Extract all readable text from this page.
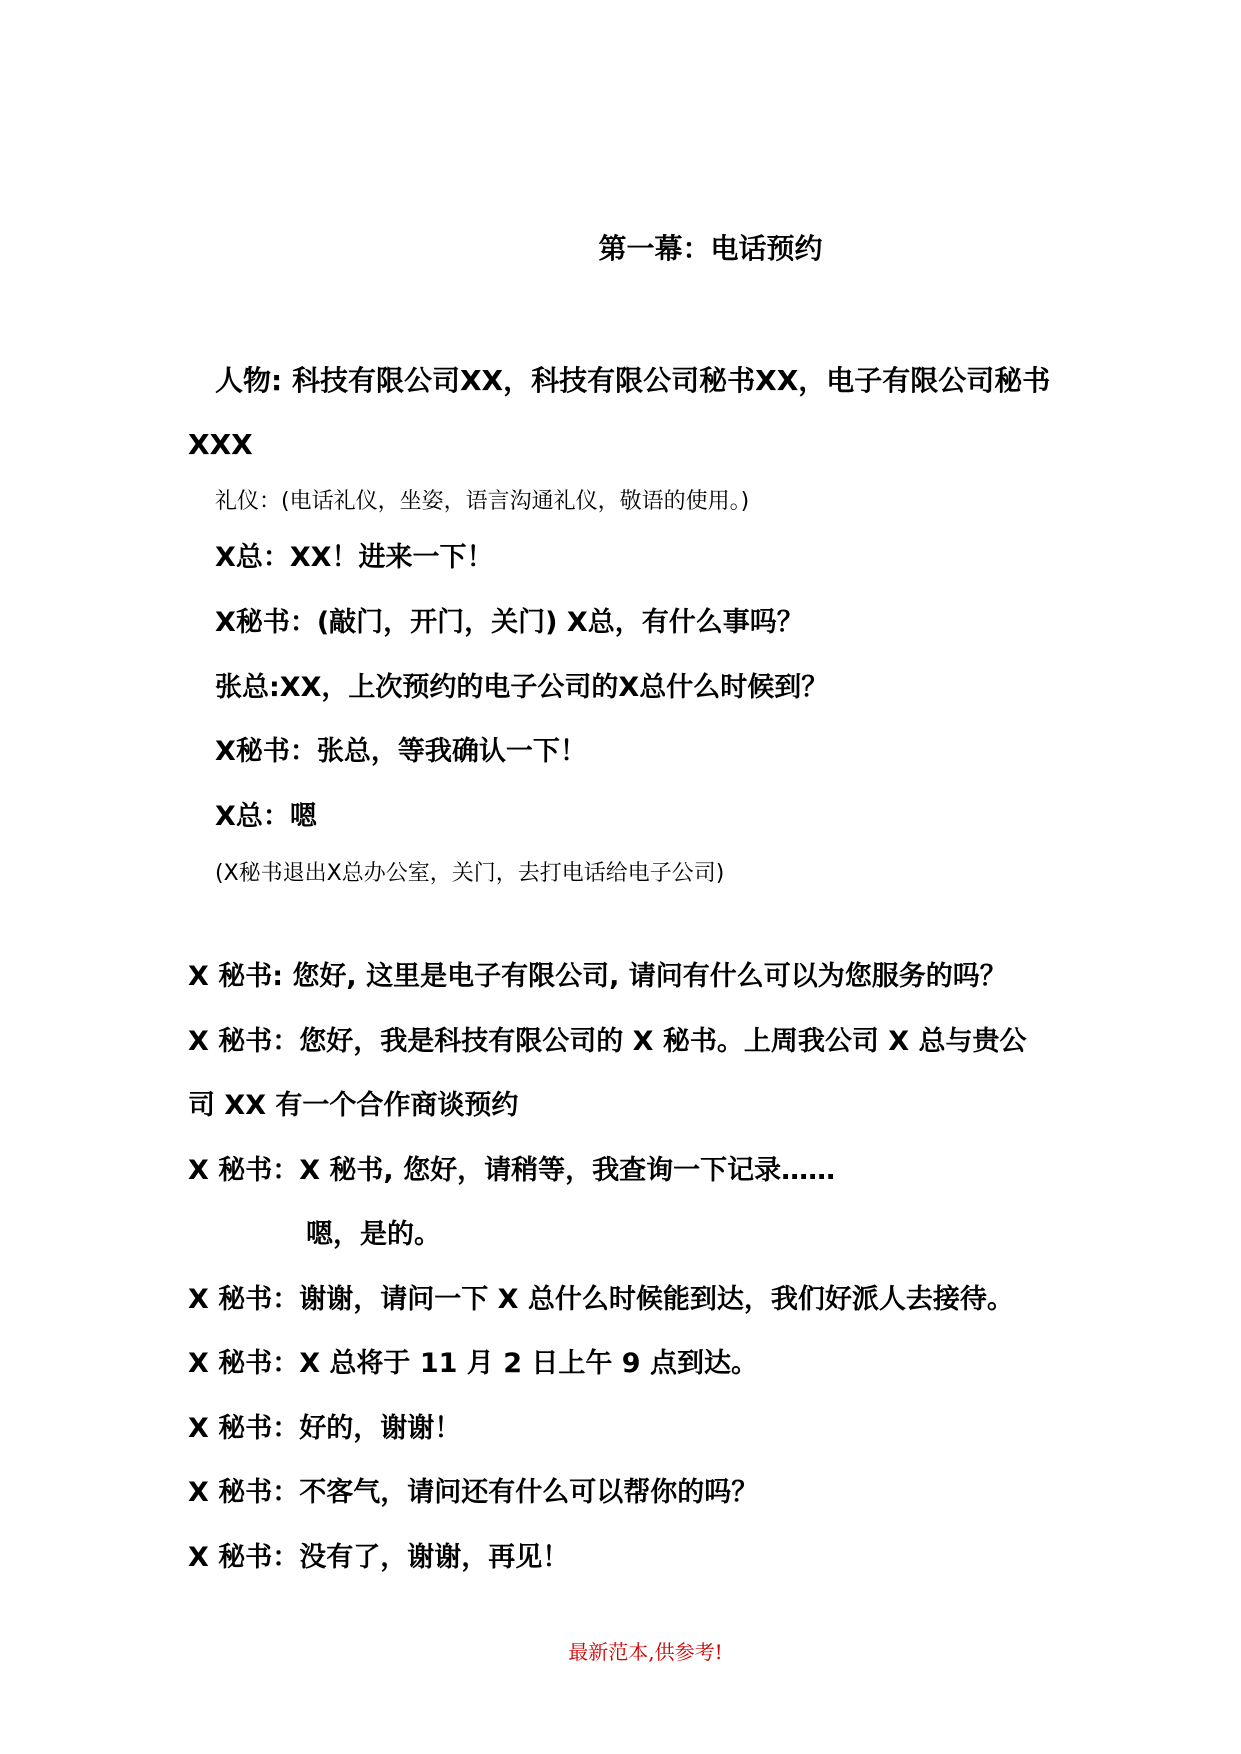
第一幕：电话预约
人物: 科技有限公司XX，科技有限公司秘书XX，电子有限公司秘书
XXX
礼仪：(电话礼仪，坐姿，语言沟通礼仪，敬语的使用。)
X总：XX！进来一下！
X秘书：(敲门，开门，关门) X总，有什么事吗？
张总:XX，上次预约的电子公司的X总什么时候到？
X秘书：张总，等我确认一下！
X总：嗯
(X秘书退出X总办公室，关门，去打电话给电子公司)
X 秘书: 您好, 这里是电子有限公司, 请问有什么可以为您服务的吗？
X 秘书：您好，我是科技有限公司的 X 秘书。上周我公司 X 总与贵公
司 XX 有一个合作商谈预约
X 秘书：X 秘书, 您好，请稍等，我查询一下记录……
嗯，是的。
X 秘书：谢谢，请问一下 X 总什么时候能到达，我们好派人去接待。
X 秘书：X 总将于 11 月 2 日上午 9 点到达。
X 秘书：好的，谢谢！
X 秘书：不客气，请问还有什么可以帮你的吗？
X 秘书：没有了，谢谢，再见！
最新范本,供参考!
